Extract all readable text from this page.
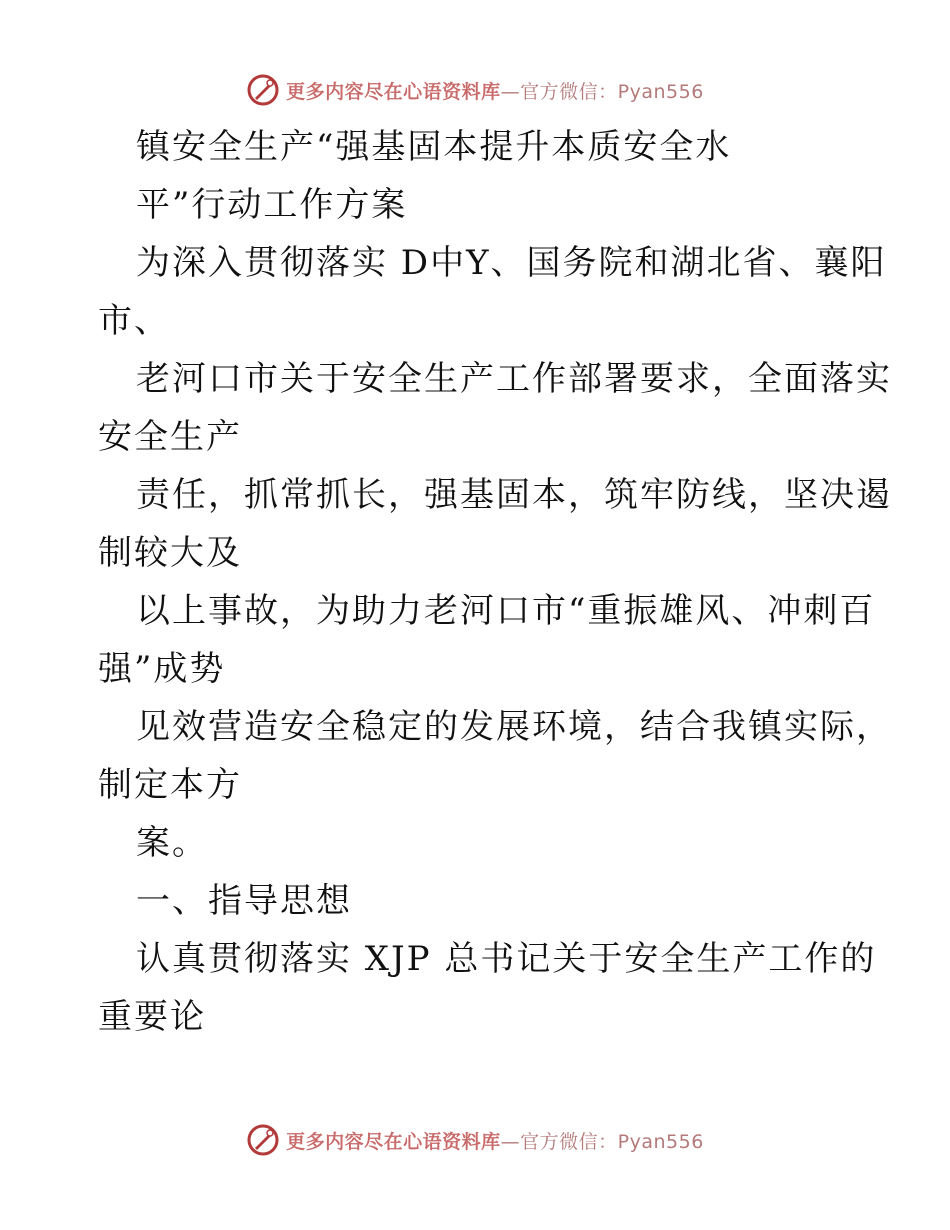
更多内容尽在心语资料库 —官方微信：Pyan556
镇安全生产“强基固本提升本质安全水
平”行动工作方案
为深入贯彻落实 D中Y、国务院和湖北省、襄阳
市、
老河口市关于安全生产工作部署要求，全面落实
安全生产
责任，抓常抓长，强基固本，筑牢防线，坚决遏
制较大及
以上事故，为助力老河口市“重振雄风、冲刺百
强”成势
见效营造安全稳定的发展环境，结合我镇实际，
制定本方
案。
一、指导思想
认真贯彻落实 XJP 总书记关于安全生产工作的
重要论
更多内容尽在心语资料库 —官方微信：Pyan556
